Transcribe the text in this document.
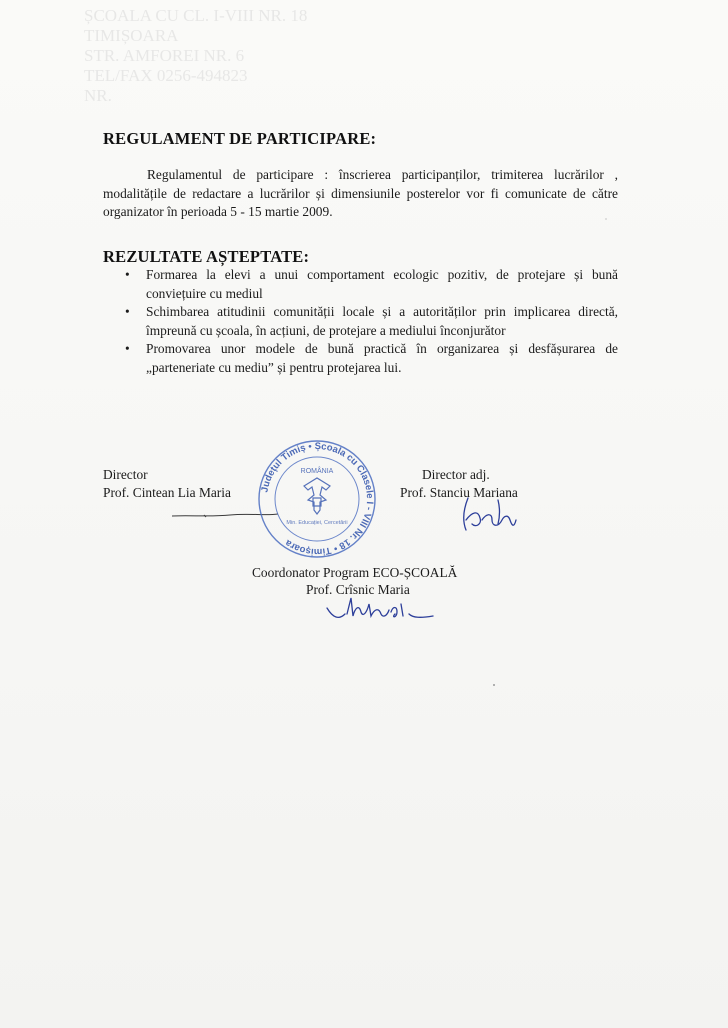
ȘCOALA CU CL. I-VIII NR. 18
TIMIȘOARA
STR. AMFOREI NR. 6
TEL/FAX 0256-494823
NR.

REGULAMENT DE PARTICIPARE:

Regulamentul de participare : înscrierea participanților, trimiterea lucrărilor , modalitățile de redactare a lucrărilor și dimensiunile posterelor vor fi comunicate de către organizator în perioada 5 - 15 martie 2009.

REZULTATE AȘTEPTATE:
• Formarea la elevi a unui comportament ecologic pozitiv, de protejare și bună conviețuire cu mediul
• Schimbarea atitudinii comunității locale și a autorităților prin implicarea directă, împreună cu școala, în acțiuni, de protejare a mediului înconjurător
• Promovarea unor modele de bună practică în organizarea și desfășurarea de „parteneriate cu mediu” și pentru protejarea lui.
Director
Prof. Cintean Lia Maria	Județul Timiș • Școala cu Clasele I - VIII Nr. 18 • Timișoara
ROMÂNIA
Min. Educației, Cercetării
Director adj.
Prof. Stanciu Mariana
Coordonator Program ECO-ȘCOALĂ
Prof. Crîsnic Maria
